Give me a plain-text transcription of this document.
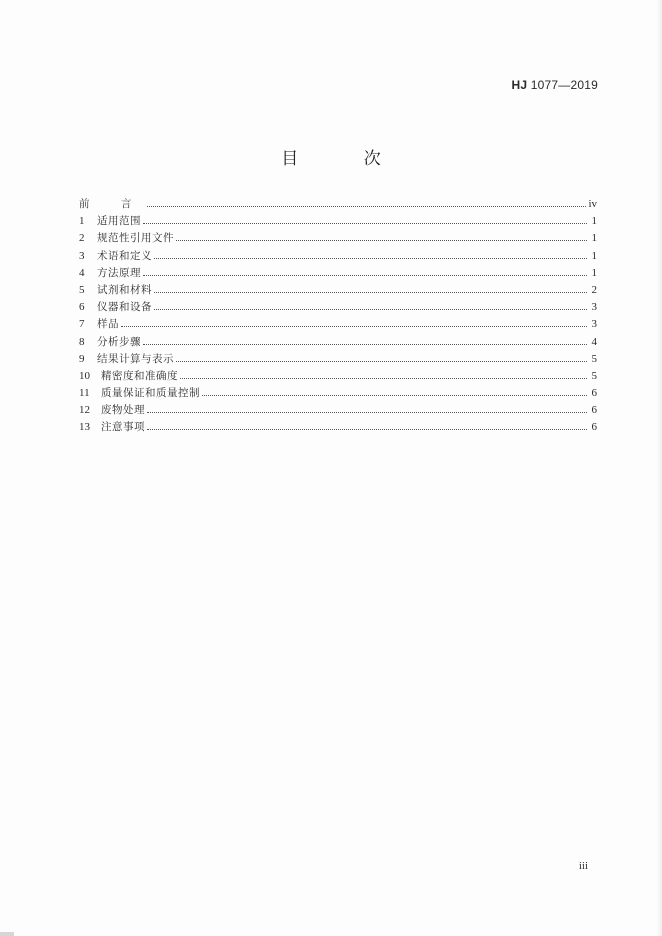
HJ 1077—2019
目 次
前 言	iv
1	适用范围	1
2	规范性引用文件	1
3	术语和定义	1
4	方法原理	1
5	试剂和材料	2
6	仪器和设备	3
7	样品	3
8	分析步骤	4
9	结果计算与表示	5
10	精密度和准确度	5
11	质量保证和质量控制	6
12	废物处理	6
13	注意事项	6
iii
